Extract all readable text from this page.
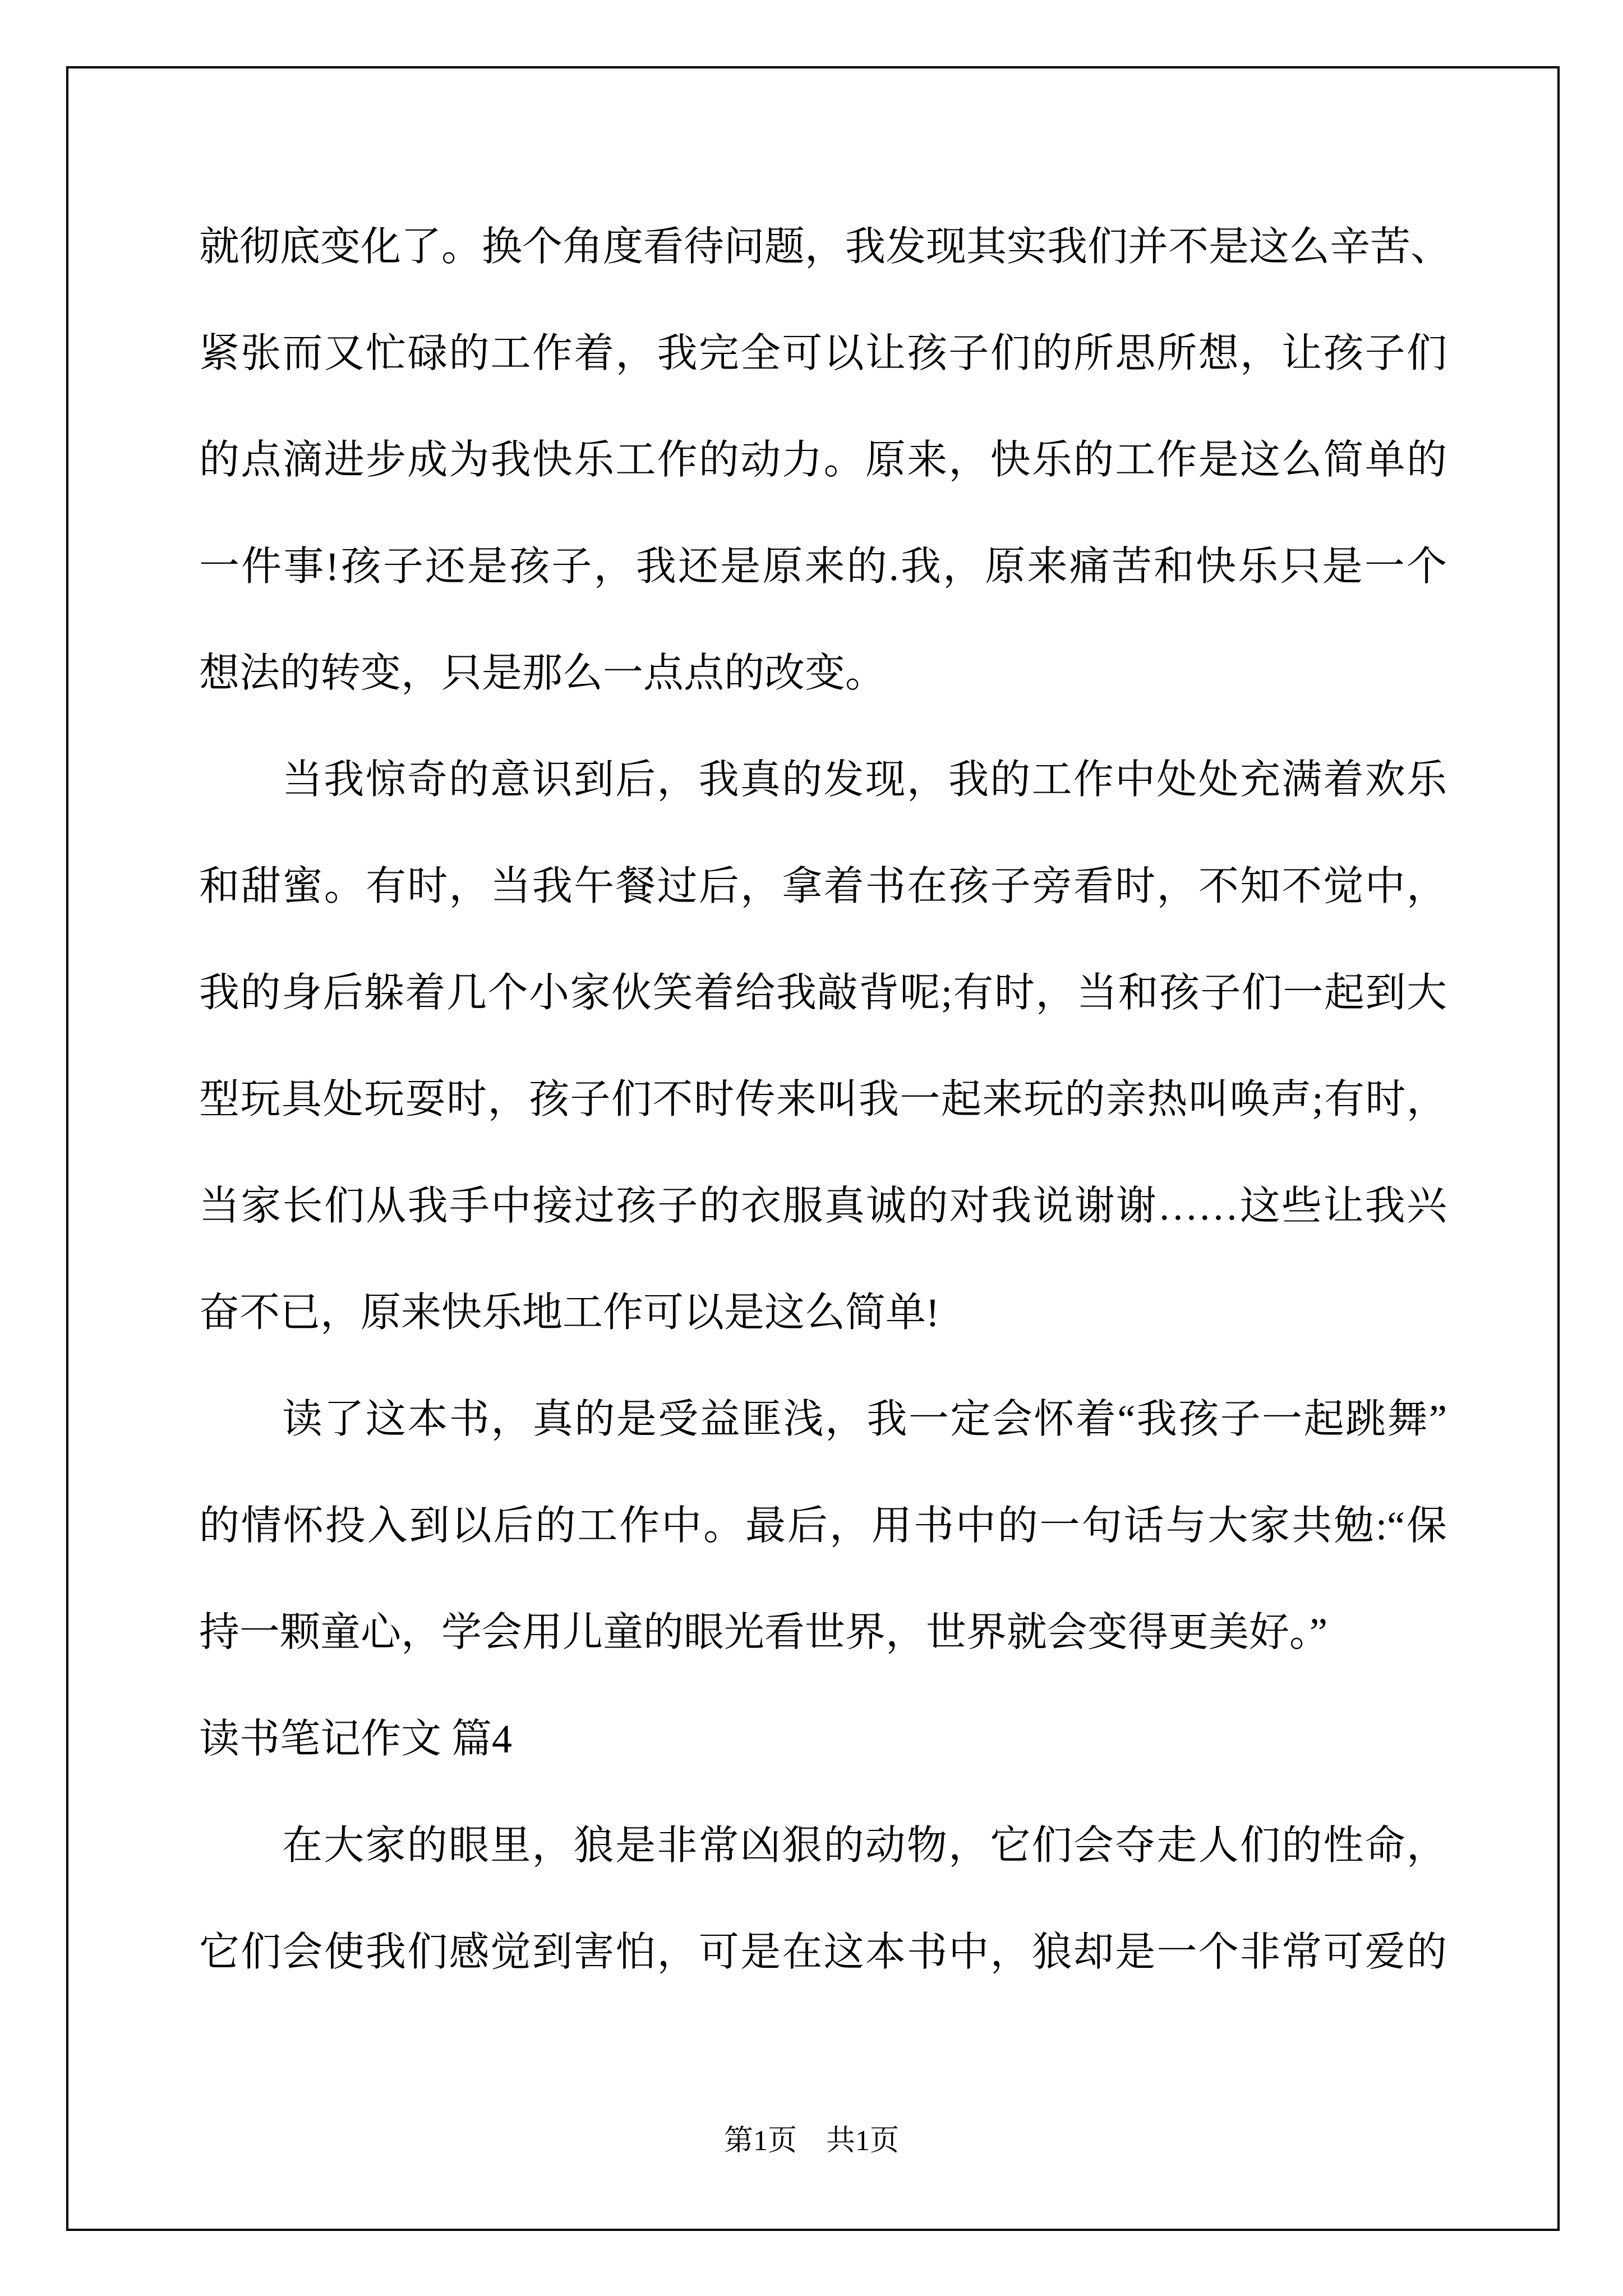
就彻底变化了。换个角度看待问题，我发现其实我们并不是这么辛苦、
紧张而又忙碌的工作着，我完全可以让孩子们的所思所想，让孩子们
的点滴进步成为我快乐工作的动力。原来，快乐的工作是这么简单的
一件事!孩子还是孩子，我还是原来的.我，原来痛苦和快乐只是一个
想法的转变，只是那么一点点的改变。
当我惊奇的意识到后，我真的发现，我的工作中处处充满着欢乐
和甜蜜。有时，当我午餐过后，拿着书在孩子旁看时，不知不觉中，
我的身后躲着几个小家伙笑着给我敲背呢;有时，当和孩子们一起到大
型玩具处玩耍时，孩子们不时传来叫我一起来玩的亲热叫唤声;有时，
当家长们从我手中接过孩子的衣服真诚的对我说谢谢……这些让我兴
奋不已，原来快乐地工作可以是这么简单!
读了这本书，真的是受益匪浅，我一定会怀着“我孩子一起跳舞”
的情怀投入到以后的工作中。最后，用书中的一句话与大家共勉:“保
持一颗童心，学会用儿童的眼光看世界，世界就会变得更美好。”
读书笔记作文 篇4
在大家的眼里，狼是非常凶狠的动物，它们会夺走人们的性命，
它们会使我们感觉到害怕，可是在这本书中，狼却是一个非常可爱的
第1页　共1页
